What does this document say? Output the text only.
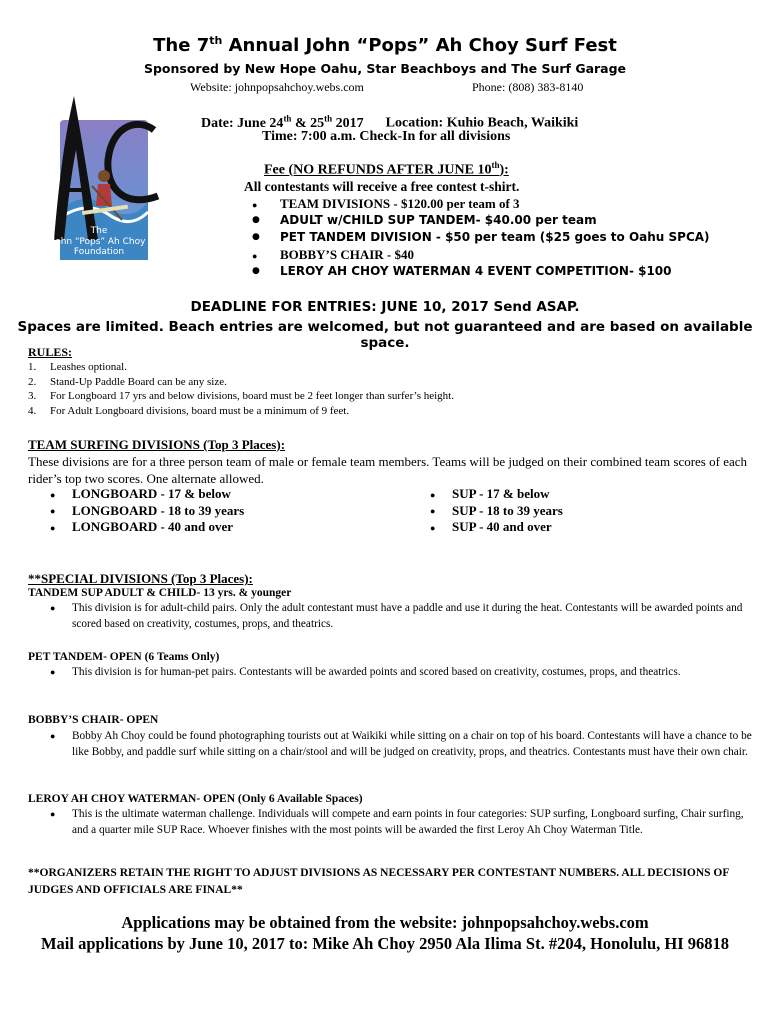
The 7th Annual John “Pops” Ah Choy Surf Fest
Sponsored by New Hope Oahu, Star Beachboys and The Surf Garage
Website: johnpopsahchoy.webs.com	Phone: (808) 383-8140
The
John “Pops” Ah Choy
Foundation
Date: June 24th & 25th 2017 Location: Kuhio Beach, Waikiki
Time: 7:00 a.m. Check-In for all divisions
Fee (NO REFUNDS AFTER JUNE 10th):
All contestants will receive a free contest t-shirt.
● TEAM DIVISIONS - $120.00 per team of 3
● ADULT w/CHILD SUP TANDEM- $40.00 per team
● PET TANDEM DIVISION - $50 per team ($25 goes to Oahu SPCA)
● BOBBY’S CHAIR - $40
● LEROY AH CHOY WATERMAN 4 EVENT COMPETITION- $100
DEADLINE FOR ENTRIES: JUNE 10, 2017 Send ASAP.
Spaces are limited. Beach entries are welcomed, but not guaranteed and are based on available space.
RULES:
1. Leashes optional.
2. Stand-Up Paddle Board can be any size.
3. For Longboard 17 yrs and below divisions, board must be 2 feet longer than surfer’s height.
4. For Adult Longboard divisions, board must be a minimum of 9 feet.
TEAM SURFING DIVISIONS (Top 3 Places):
These divisions are for a three person team of male or female team members. Teams will be judged on their combined team scores of each rider’s top two scores. One alternate allowed.
● LONGBOARD - 17 & below
● LONGBOARD - 18 to 39 years
● LONGBOARD - 40 and over
● SUP - 17 & below
● SUP - 18 to 39 years
● SUP - 40 and over
**SPECIAL DIVISIONS (Top 3 Places):
TANDEM SUP ADULT & CHILD- 13 yrs. & younger
● This division is for adult-child pairs. Only the adult contestant must have a paddle and use it during the heat. Contestants will be awarded points and scored based on creativity, costumes, props, and theatrics.
PET TANDEM- OPEN (6 Teams Only)
● This division is for human-pet pairs. Contestants will be awarded points and scored based on creativity, costumes, props, and theatrics.
BOBBY’S CHAIR- OPEN
● Bobby Ah Choy could be found photographing tourists out at Waikiki while sitting on a chair on top of his board. Contestants will have a chance to be like Bobby, and paddle surf while sitting on a chair/stool and will be judged on creativity, props, and theatrics. Contestants must have their own chair.
LEROY AH CHOY WATERMAN- OPEN (Only 6 Available Spaces)
● This is the ultimate waterman challenge. Individuals will compete and earn points in four categories: SUP surfing, Longboard surfing, Chair surfing, and a quarter mile SUP Race. Whoever finishes with the most points will be awarded the first Leroy Ah Choy Waterman Title.
**ORGANIZERS RETAIN THE RIGHT TO ADJUST DIVISIONS AS NECESSARY PER CONTESTANT NUMBERS. ALL DECISIONS OF JUDGES AND OFFICIALS ARE FINAL**
Applications may be obtained from the website: johnpopsahchoy.webs.com
Mail applications by June 10, 2017 to: Mike Ah Choy 2950 Ala Ilima St. #204, Honolulu, HI 96818
